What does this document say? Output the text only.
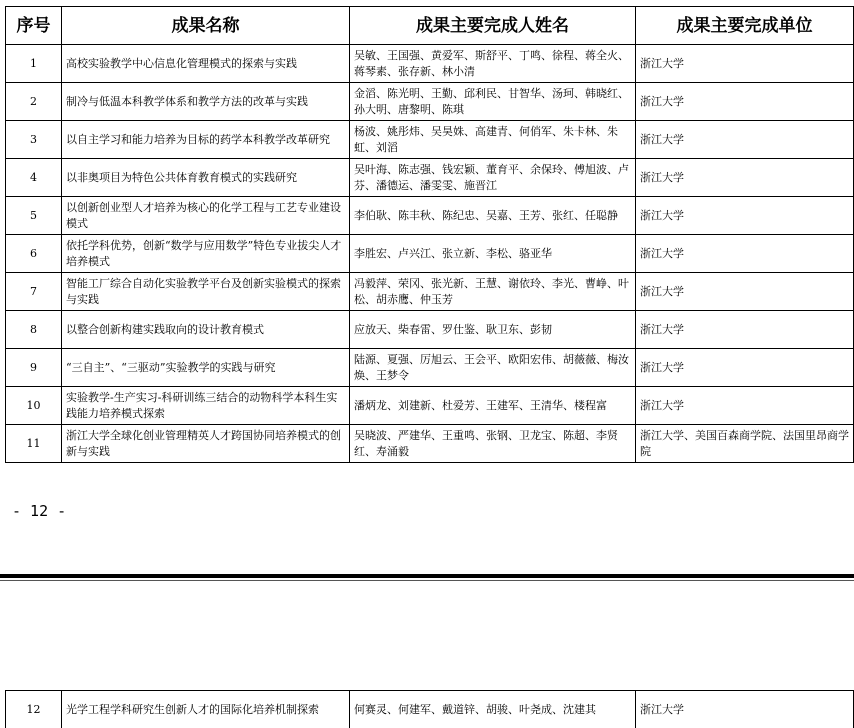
序号	成果名称	成果主要完成人姓名	成果主要完成单位
1	高校实验教学中心信息化管理模式的探索与实践	吴敏、王国强、黄爱军、斯舒平、丁鸣、徐程、蒋全火、蒋琴素、张存新、林小清	浙江大学
2	制冷与低温本科教学体系和教学方法的改革与实践	金滔、陈光明、王勤、邱利民、甘智华、汤珂、韩晓红、孙大明、唐黎明、陈琪	浙江大学
3	以自主学习和能力培养为目标的药学本科教学改革研究	杨波、姚彤炜、吴昊姝、高建青、何俏军、朱卡林、朱虹、刘滔	浙江大学
4	以非奥项目为特色公共体育教育模式的实践研究	吴叶海、陈志强、钱宏颖、董育平、余保玲、傅旭波、卢芬、潘德运、潘雯雯、施晋江	浙江大学
5	以创新创业型人才培养为核心的化学工程与工艺专业建设模式	李伯耿、陈丰秋、陈纪忠、吴嘉、王芳、张红、任聪静	浙江大学
6	依托学科优势，创新“数学与应用数学”特色专业拔尖人才培养模式	李胜宏、卢兴江、张立新、李松、骆亚华	浙江大学
7	智能工厂综合自动化实验教学平台及创新实验模式的探索与实践	冯毅萍、荣冈、张光新、王慧、谢依玲、李光、曹峥、叶松、胡赤鹰、仲玉芳	浙江大学
8	以整合创新构建实践取向的设计教育模式	应放天、柴春雷、罗仕鉴、耿卫东、彭韧	浙江大学
9	“三自主”、“三驱动”实验教学的实践与研究	陆源、夏强、厉旭云、王会平、欧阳宏伟、胡薇薇、梅汝焕、王梦令	浙江大学
10	实验教学-生产实习-科研训练三结合的动物科学本科生实践能力培养模式探索	潘炳龙、刘建新、杜爱芳、王建军、王清华、楼程富	浙江大学
11	浙江大学全球化创业管理精英人才跨国协同培养模式的创新与实践	吴晓波、严建华、王重鸣、张钢、卫龙宝、陈超、李贤红、寿涌毅	浙江大学、美国百森商学院、法国里昂商学院
- 12 -
12	光学工程学科研究生创新人才的国际化培养机制探索	何赛灵、何建军、戴道锌、胡骏、叶尧成、沈建其	浙江大学
